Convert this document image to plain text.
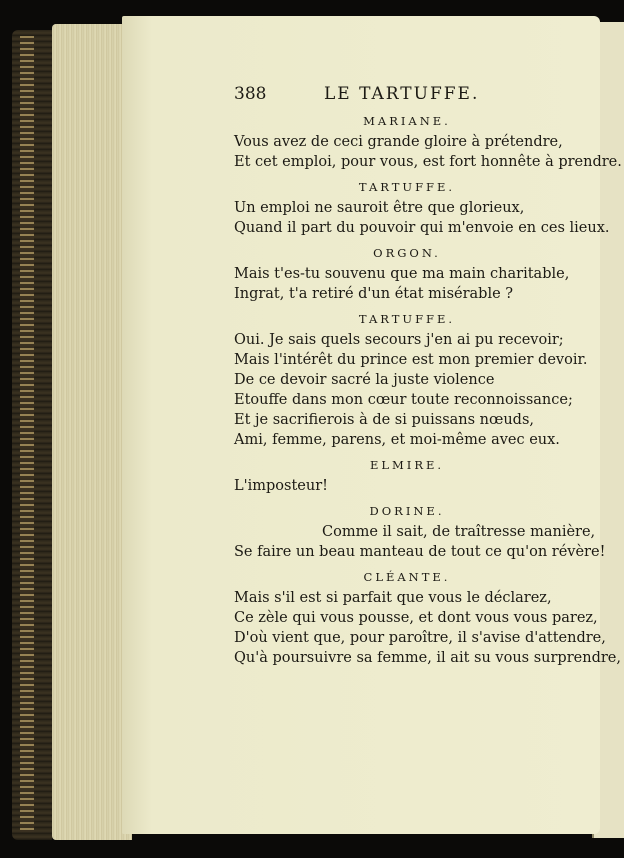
388	LE TARTUFFE.

MARIANE.

Vous avez de ceci grande gloire à prétendre,

Et cet emploi, pour vous, est fort honnête à prendre.

TARTUFFE.

Un emploi ne sauroit être que glorieux,

Quand il part du pouvoir qui m'envoie en ces lieux.

ORGON.

Mais t'es-tu souvenu que ma main charitable,

Ingrat, t'a retiré d'un état misérable ?

TARTUFFE.

Oui. Je sais quels secours j'en ai pu recevoir;

Mais l'intérêt du prince est mon premier devoir.

De ce devoir sacré la juste violence

Etouffe dans mon cœur toute reconnoissance;

Et je sacrifierois à de si puissans nœuds,

Ami, femme, parens, et moi-même avec eux.

ELMIRE.

L'imposteur!

DORINE.

Comme il sait, de traîtresse manière,

Se faire un beau manteau de tout ce qu'on révère!

CLÉANTE.

Mais s'il est si parfait que vous le déclarez,

Ce zèle qui vous pousse, et dont vous vous parez,

D'où vient que, pour paroître, il s'avise d'attendre,

Qu'à poursuivre sa femme, il ait su vous surprendre,
